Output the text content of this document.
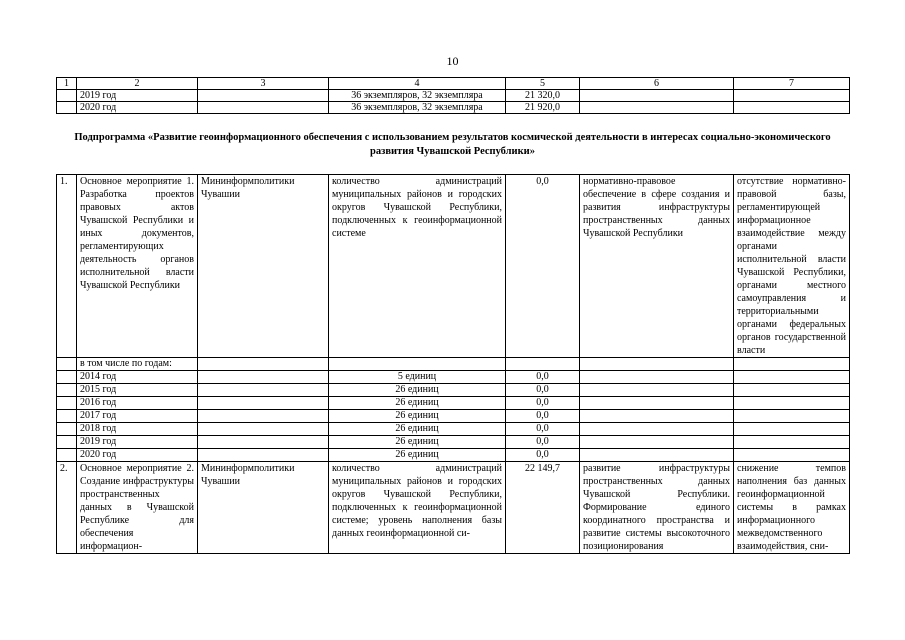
10
1	2	3	4	5	6	7
	2019 год		36 экземпляров, 32 экземпляра	21 320,0		
	2020 год		36 экземпляров, 32 экземпляра	21 920,0		
Подпрограмма «Развитие геоинформационного обеспечения с использованием результатов космической деятельности в интересах социально-экономического развития Чувашской Республики»
1.	Основное мероприятие 1. Разработка проектов правовых актов Чувашской Республики и иных документов, регламентирующих деятельность органов исполнительной власти Чувашской Республики	Мининформполитики Чувашии	количество администраций муниципальных районов и городских округов Чувашской Республики, подключенных к геоинформационной системе	0,0	нормативно-правовое обеспечение в сфере создания и развития инфраструктуры пространственных данных Чувашской Республики	отсутствие нормативно-правовой базы, регламентирующей информационное взаимодействие между органами исполнительной власти Чувашской Республики, органами местного самоуправления и территориальными органами федеральных органов государственной власти
	в том числе по годам:					
	2014 год		5 единиц	0,0		
	2015 год		26 единиц	0,0		
	2016 год		26 единиц	0,0		
	2017 год		26 единиц	0,0		
	2018 год		26 единиц	0,0		
	2019 год		26 единиц	0,0		
	2020 год		26 единиц	0,0		
2.	Основное мероприятие 2. Создание инфраструктуры пространственных данных в Чувашской Республике для обеспечения информацион-	Мининформполитики Чувашии	количество администраций муниципальных районов и городских округов Чувашской Республики, подключенных к геоинформационной системе; уровень наполнения базы данных геоинформационной си-	22 149,7	развитие инфраструктуры пространственных данных Чувашской Республики. Формирование единого координатного пространства и развитие системы высокоточного позиционирования	снижение темпов наполнения баз данных геоинформационной системы в рамках информационного межведомственного взаимодействия, сни-
